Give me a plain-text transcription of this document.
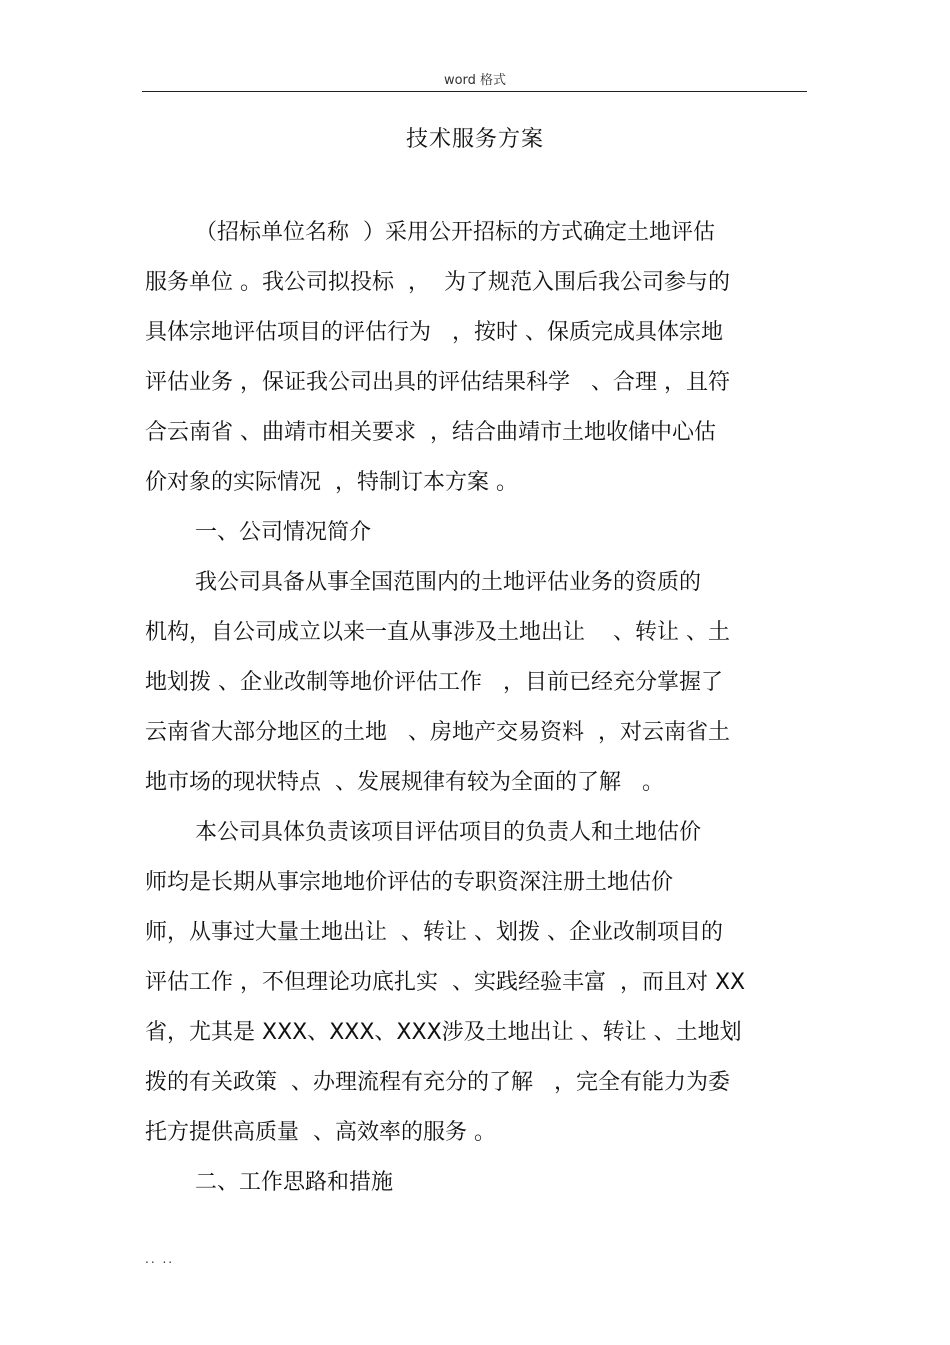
word 格式
技术服务方案
（招标单位名称  ）采用公开招标的方式确定土地评估
服务单位 。我公司拟投标  ，  为了规范入围后我公司参与的
具体宗地评估项目的评估行为   ，按时 、保质完成具体宗地
评估业务 ，保证我公司出具的评估结果科学   、合理 ，且符
合云南省 、曲靖市相关要求  ，结合曲靖市土地收储中心估
价对象的实际情况  ，特制订本方案 。
一、公司情况简介
我公司具备从事全国范围内的土地评估业务的资质的
机构，自公司成立以来一直从事涉及土地出让    、转让 、土
地划拨 、企业改制等地价评估工作   ，目前已经充分掌握了
云南省大部分地区的土地   、房地产交易资料  ，对云南省土
地市场的现状特点  、发展规律有较为全面的了解   。
本公司具体负责该项目评估项目的负责人和土地估价
师均是长期从事宗地地价评估的专职资深注册土地估价
师，从事过大量土地出让  、转让 、划拨 、企业改制项目的
评估工作 ，不但理论功底扎实  、实践经验丰富  ，而且对 XX
省，尤其是 XXX、XXX、XXX涉及土地出让 、转让 、土地划
拨的有关政策  、办理流程有充分的了解   ，完全有能力为委
托方提供高质量  、高效率的服务 。
二、工作思路和措施
.. ..
